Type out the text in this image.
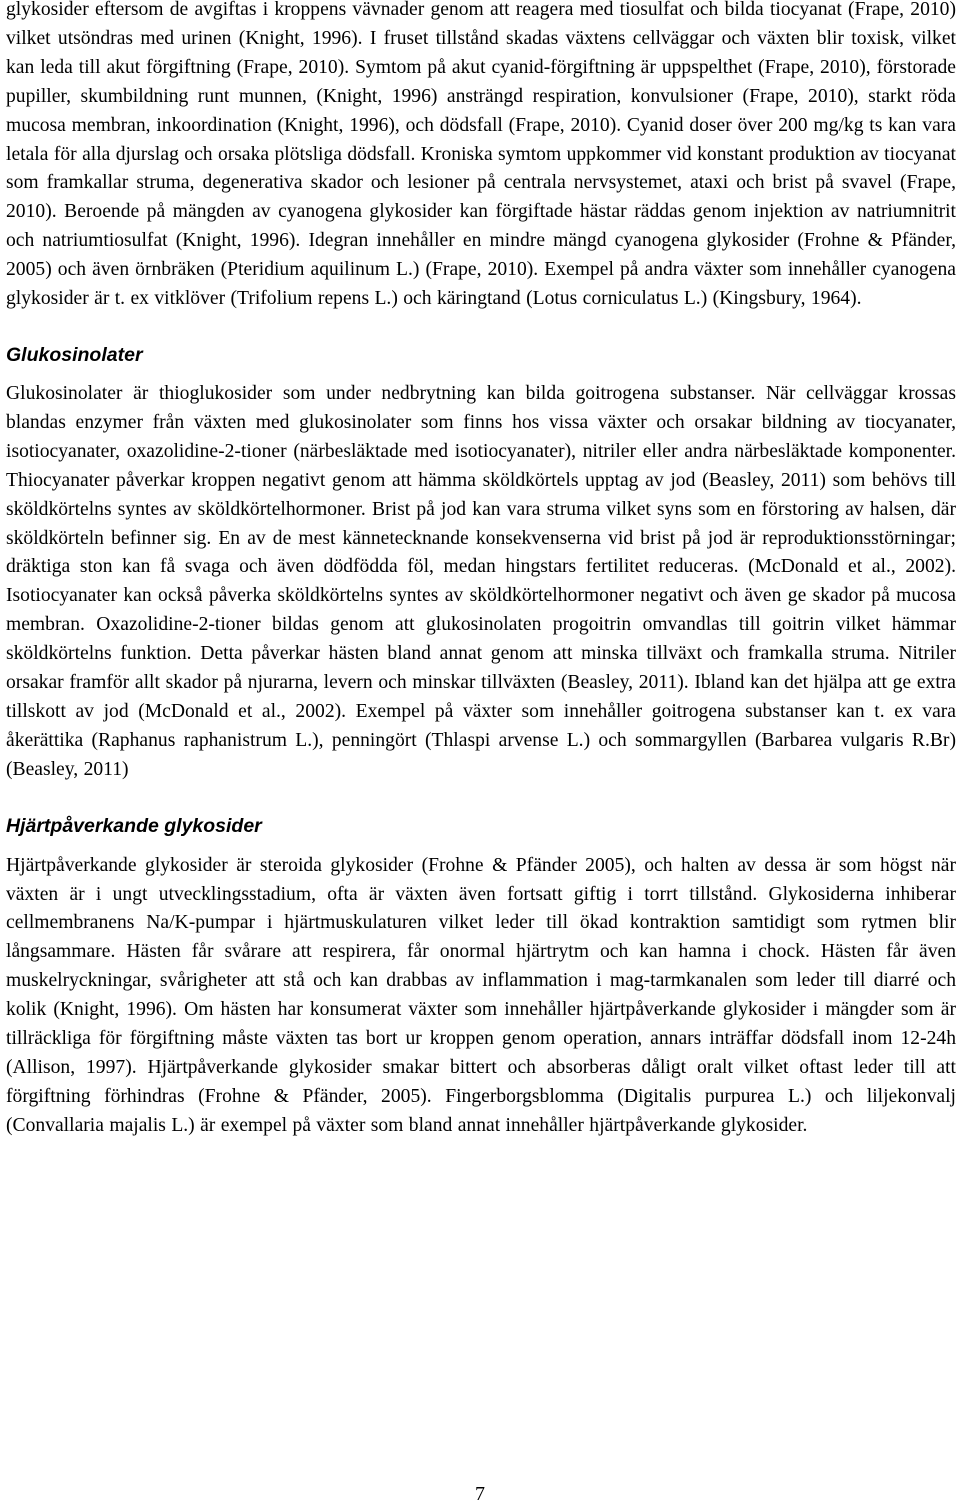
glykosider eftersom de avgiftas i kroppens vävnader genom att reagera med tiosulfat och bilda tiocyanat (Frape, 2010) vilket utsöndras med urinen (Knight, 1996). I fruset tillstånd skadas växtens cellväggar och växten blir toxisk, vilket kan leda till akut förgiftning (Frape, 2010). Symtom på akut cyanid-förgiftning är uppspelthet (Frape, 2010), förstorade pupiller, skumbildning runt munnen, (Knight, 1996) ansträngd respiration, konvulsioner (Frape, 2010), starkt röda mucosa membran, inkoordination (Knight, 1996), och dödsfall (Frape, 2010). Cyanid doser över 200 mg/kg ts kan vara letala för alla djurslag och orsaka plötsliga dödsfall. Kroniska symtom uppkommer vid konstant produktion av tiocyanat som framkallar struma, degenerativa skador och lesioner på centrala nervsystemet, ataxi och brist på svavel (Frape, 2010). Beroende på mängden av cyanogena glykosider kan förgiftade hästar räddas genom injektion av natriumnitrit och natriumtiosulfat (Knight, 1996). Idegran innehåller en mindre mängd cyanogena glykosider (Frohne & Pfänder, 2005) och även örnbräken (Pteridium aquilinum L.) (Frape, 2010). Exempel på andra växter som innehåller cyanogena glykosider är t. ex vitklöver (Trifolium repens L.) och käringtand (Lotus corniculatus L.) (Kingsbury, 1964).

Glukosinolater

Glukosinolater är thioglukosider som under nedbrytning kan bilda goitrogena substanser. När cellväggar krossas blandas enzymer från växten med glukosinolater som finns hos vissa växter och orsakar bildning av tiocyanater, isotiocyanater, oxazolidine-2-tioner (närbesläktade med isotiocyanater), nitriler eller andra närbesläktade komponenter. Thiocyanater påverkar kroppen negativt genom att hämma sköldkörtels upptag av jod (Beasley, 2011) som behövs till sköldkörtelns syntes av sköldkörtelhormoner. Brist på jod kan vara struma vilket syns som en förstoring av halsen, där sköldkörteln befinner sig. En av de mest kännetecknande konsekvenserna vid brist på jod är reproduktionsstörningar; dräktiga ston kan få svaga och även dödfödda föl, medan hingstars fertilitet reduceras. (McDonald et al., 2002). Isotiocyanater kan också påverka sköldkörtelns syntes av sköldkörtelhormoner negativt och även ge skador på mucosa membran. Oxazolidine-2-tioner bildas genom att glukosinolaten progoitrin omvandlas till goitrin vilket hämmar sköldkörtelns funktion. Detta påverkar hästen bland annat genom att minska tillväxt och framkalla struma. Nitriler orsakar framför allt skador på njurarna, levern och minskar tillväxten (Beasley, 2011). Ibland kan det hjälpa att ge extra tillskott av jod (McDonald et al., 2002). Exempel på växter som innehåller goitrogena substanser kan t. ex vara åkerättika (Raphanus raphanistrum L.), penningört (Thlaspi arvense L.) och sommargyllen (Barbarea vulgaris R.Br) (Beasley, 2011)

Hjärtpåverkande glykosider

Hjärtpåverkande glykosider är steroida glykosider (Frohne & Pfänder 2005), och halten av dessa är som högst när växten är i ungt utvecklingsstadium, ofta är växten även fortsatt giftig i torrt tillstånd. Glykosiderna inhiberar cellmembranens Na/K-pumpar i hjärtmuskulaturen vilket leder till ökad kontraktion samtidigt som rytmen blir långsammare. Hästen får svårare att respirera, får onormal hjärtrytm och kan hamna i chock. Hästen får även muskelryckningar, svårigheter att stå och kan drabbas av inflammation i mag-tarmkanalen som leder till diarré och kolik (Knight, 1996). Om hästen har konsumerat växter som innehåller hjärtpåverkande glykosider i mängder som är tillräckliga för förgiftning måste växten tas bort ur kroppen genom operation, annars inträffar dödsfall inom 12-24h (Allison, 1997). Hjärtpåverkande glykosider smakar bittert och absorberas dåligt oralt vilket oftast leder till att förgiftning förhindras (Frohne & Pfänder, 2005). Fingerborgsblomma (Digitalis purpurea L.) och liljekonvalj (Convallaria majalis L.) är exempel på växter som bland annat innehåller hjärtpåverkande glykosider.

7
